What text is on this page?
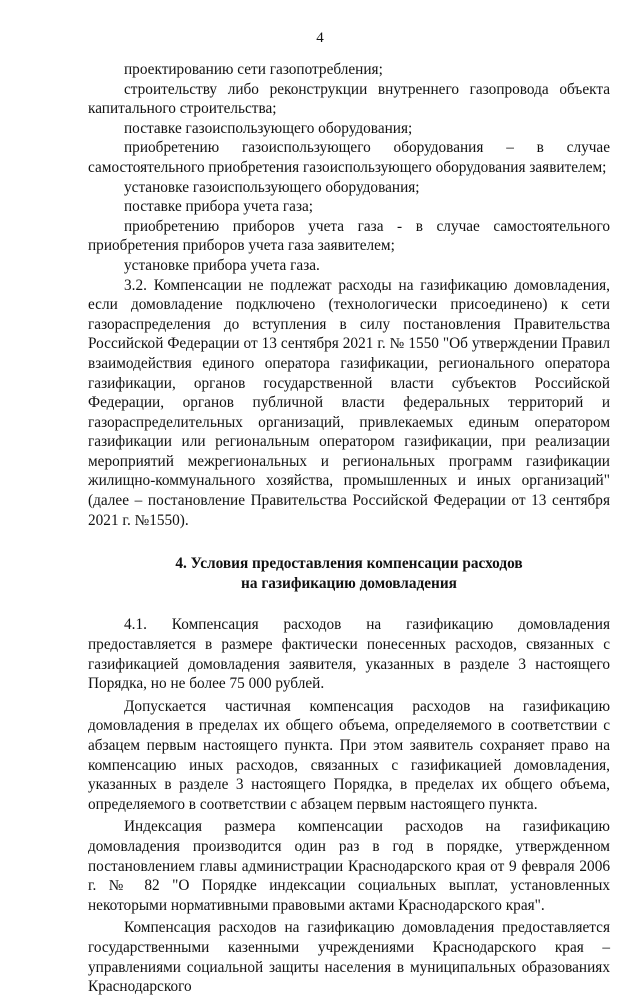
4

проектированию сети газопотребления;

строительству либо реконструкции внутреннего газопровода объекта капитального строительства;

поставке газоиспользующего оборудования;

приобретению газоиспользующего оборудования – в случае самостоятельного приобретения газоиспользующего оборудования заявителем;

установке газоиспользующего оборудования;

поставке прибора учета газа;

приобретению приборов учета газа - в случае самостоятельного приобретения приборов учета газа заявителем;

установке прибора учета газа.

3.2. Компенсации не подлежат расходы на газификацию домовладения, если домовладение подключено (технологически присоединено) к сети газораспределения до вступления в силу постановления Правительства Российской Федерации от 13 сентября 2021 г. № 1550 "Об утверждении Правил взаимодействия единого оператора газификации, регионального оператора газификации, органов государственной власти субъектов Российской Федерации, органов публичной власти федеральных территорий и газораспределительных организаций, привлекаемых единым оператором газификации или региональным оператором газификации, при реализации мероприятий межрегиональных и региональных программ газификации жилищно-коммунального хозяйства, промышленных и иных организаций" (далее – постановление Правительства Российской Федерации от 13 сентября 2021 г. №1550).

4. Условия предоставления компенсации расходов
на газификацию домовладения

4.1. Компенсация расходов на газификацию домовладения предоставляется в размере фактически понесенных расходов, связанных с газификацией домовладения заявителя, указанных в разделе 3 настоящего Порядка, но не более 75 000 рублей.

Допускается частичная компенсация расходов на газификацию домовладения в пределах их общего объема, определяемого в соответствии с абзацем первым настоящего пункта. При этом заявитель сохраняет право на компенсацию иных расходов, связанных с газификацией домовладения, указанных в разделе 3 настоящего Порядка, в пределах их общего объема, определяемого в соответствии с абзацем первым настоящего пункта.

Индексация размера компенсации расходов на газификацию домовладения производится один раз в год в порядке, утвержденном постановлением главы администрации Краснодарского края от 9 февраля 2006 г. № 82 "О Порядке индексации социальных выплат, установленных некоторыми нормативными правовыми актами Краснодарского края".

Компенсация расходов на газификацию домовладения предоставляется государственными казенными учреждениями Краснодарского края – управлениями социальной защиты населения в муниципальных образованиях Краснодарского
